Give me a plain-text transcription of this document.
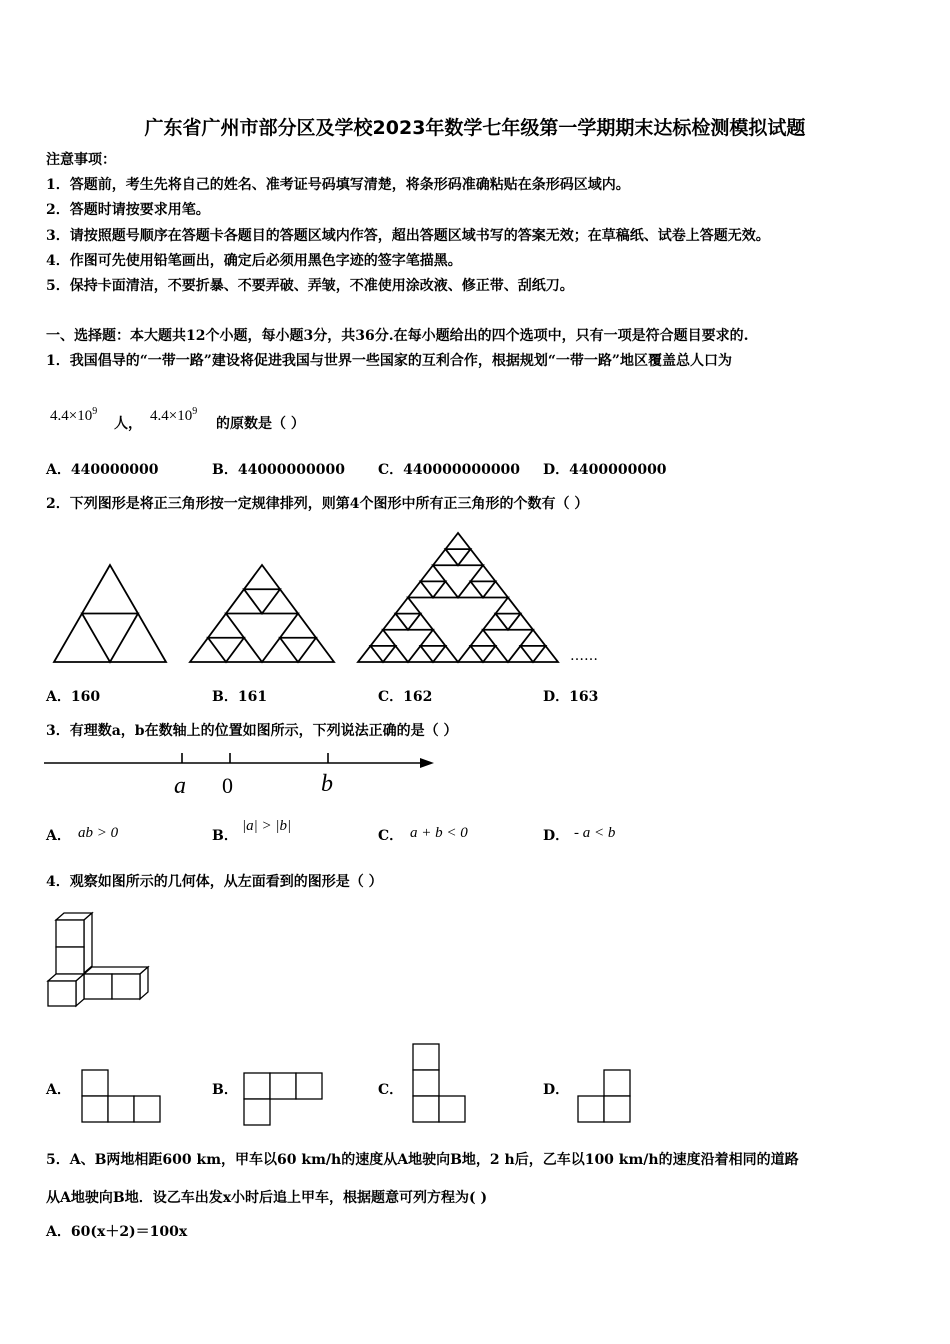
广东省广州市部分区及学校2023年数学七年级第一学期期末达标检测模拟试题
注意事项：
1．答题前，考生先将自己的姓名、准考证号码填写清楚，将条形码准确粘贴在条形码区域内。
2．答题时请按要求用笔。
3．请按照题号顺序在答题卡各题目的答题区域内作答，超出答题区域书写的答案无效；在草稿纸、试卷上答题无效。
4．作图可先使用铅笔画出，确定后必须用黑色字迹的签字笔描黑。
5．保持卡面清洁，不要折暴、不要弄破、弄皱，不准使用涂改液、修正带、刮纸刀。
一、选择题：本大题共12个小题，每小题3分，共36分.在每小题给出的四个选项中，只有一项是符合题目要求的.
1．我国倡导的“一带一路”建设将促进我国与世界一些国家的互利合作，根据规划“一带一路”地区覆盖总人口为
$4.4\times 10^9$
人， $4.4\times 10^9$
的原数是（ ）
A．440000000	B．44000000000 C．440000000000 D．4400000000
2．下列图形是将正三角形按一定规律排列，则第4个图形中所有正三角形的个数有（ ）
……
A．160	B．161	C．162	D．163
3．有理数a，b在数轴上的位置如图所示，下列说法正确的是（ ）
a 0	b
A． ab > 0	B．
|a| > |b|
C． a + b < 0	D． - a < b
4．观察如图所示的几何体，从左面看到的图形是（ ）
A．	B．	C．	D．
5．A、B两地相距600 km，甲车以60 km/h的速度从A地驶向B地，2 h后，乙车以100 km/h的速度沿着相同的道路
从A地驶向B地．设乙车出发x小时后追上甲车，根据题意可列方程为( )
A．60(x＋2)＝100x
